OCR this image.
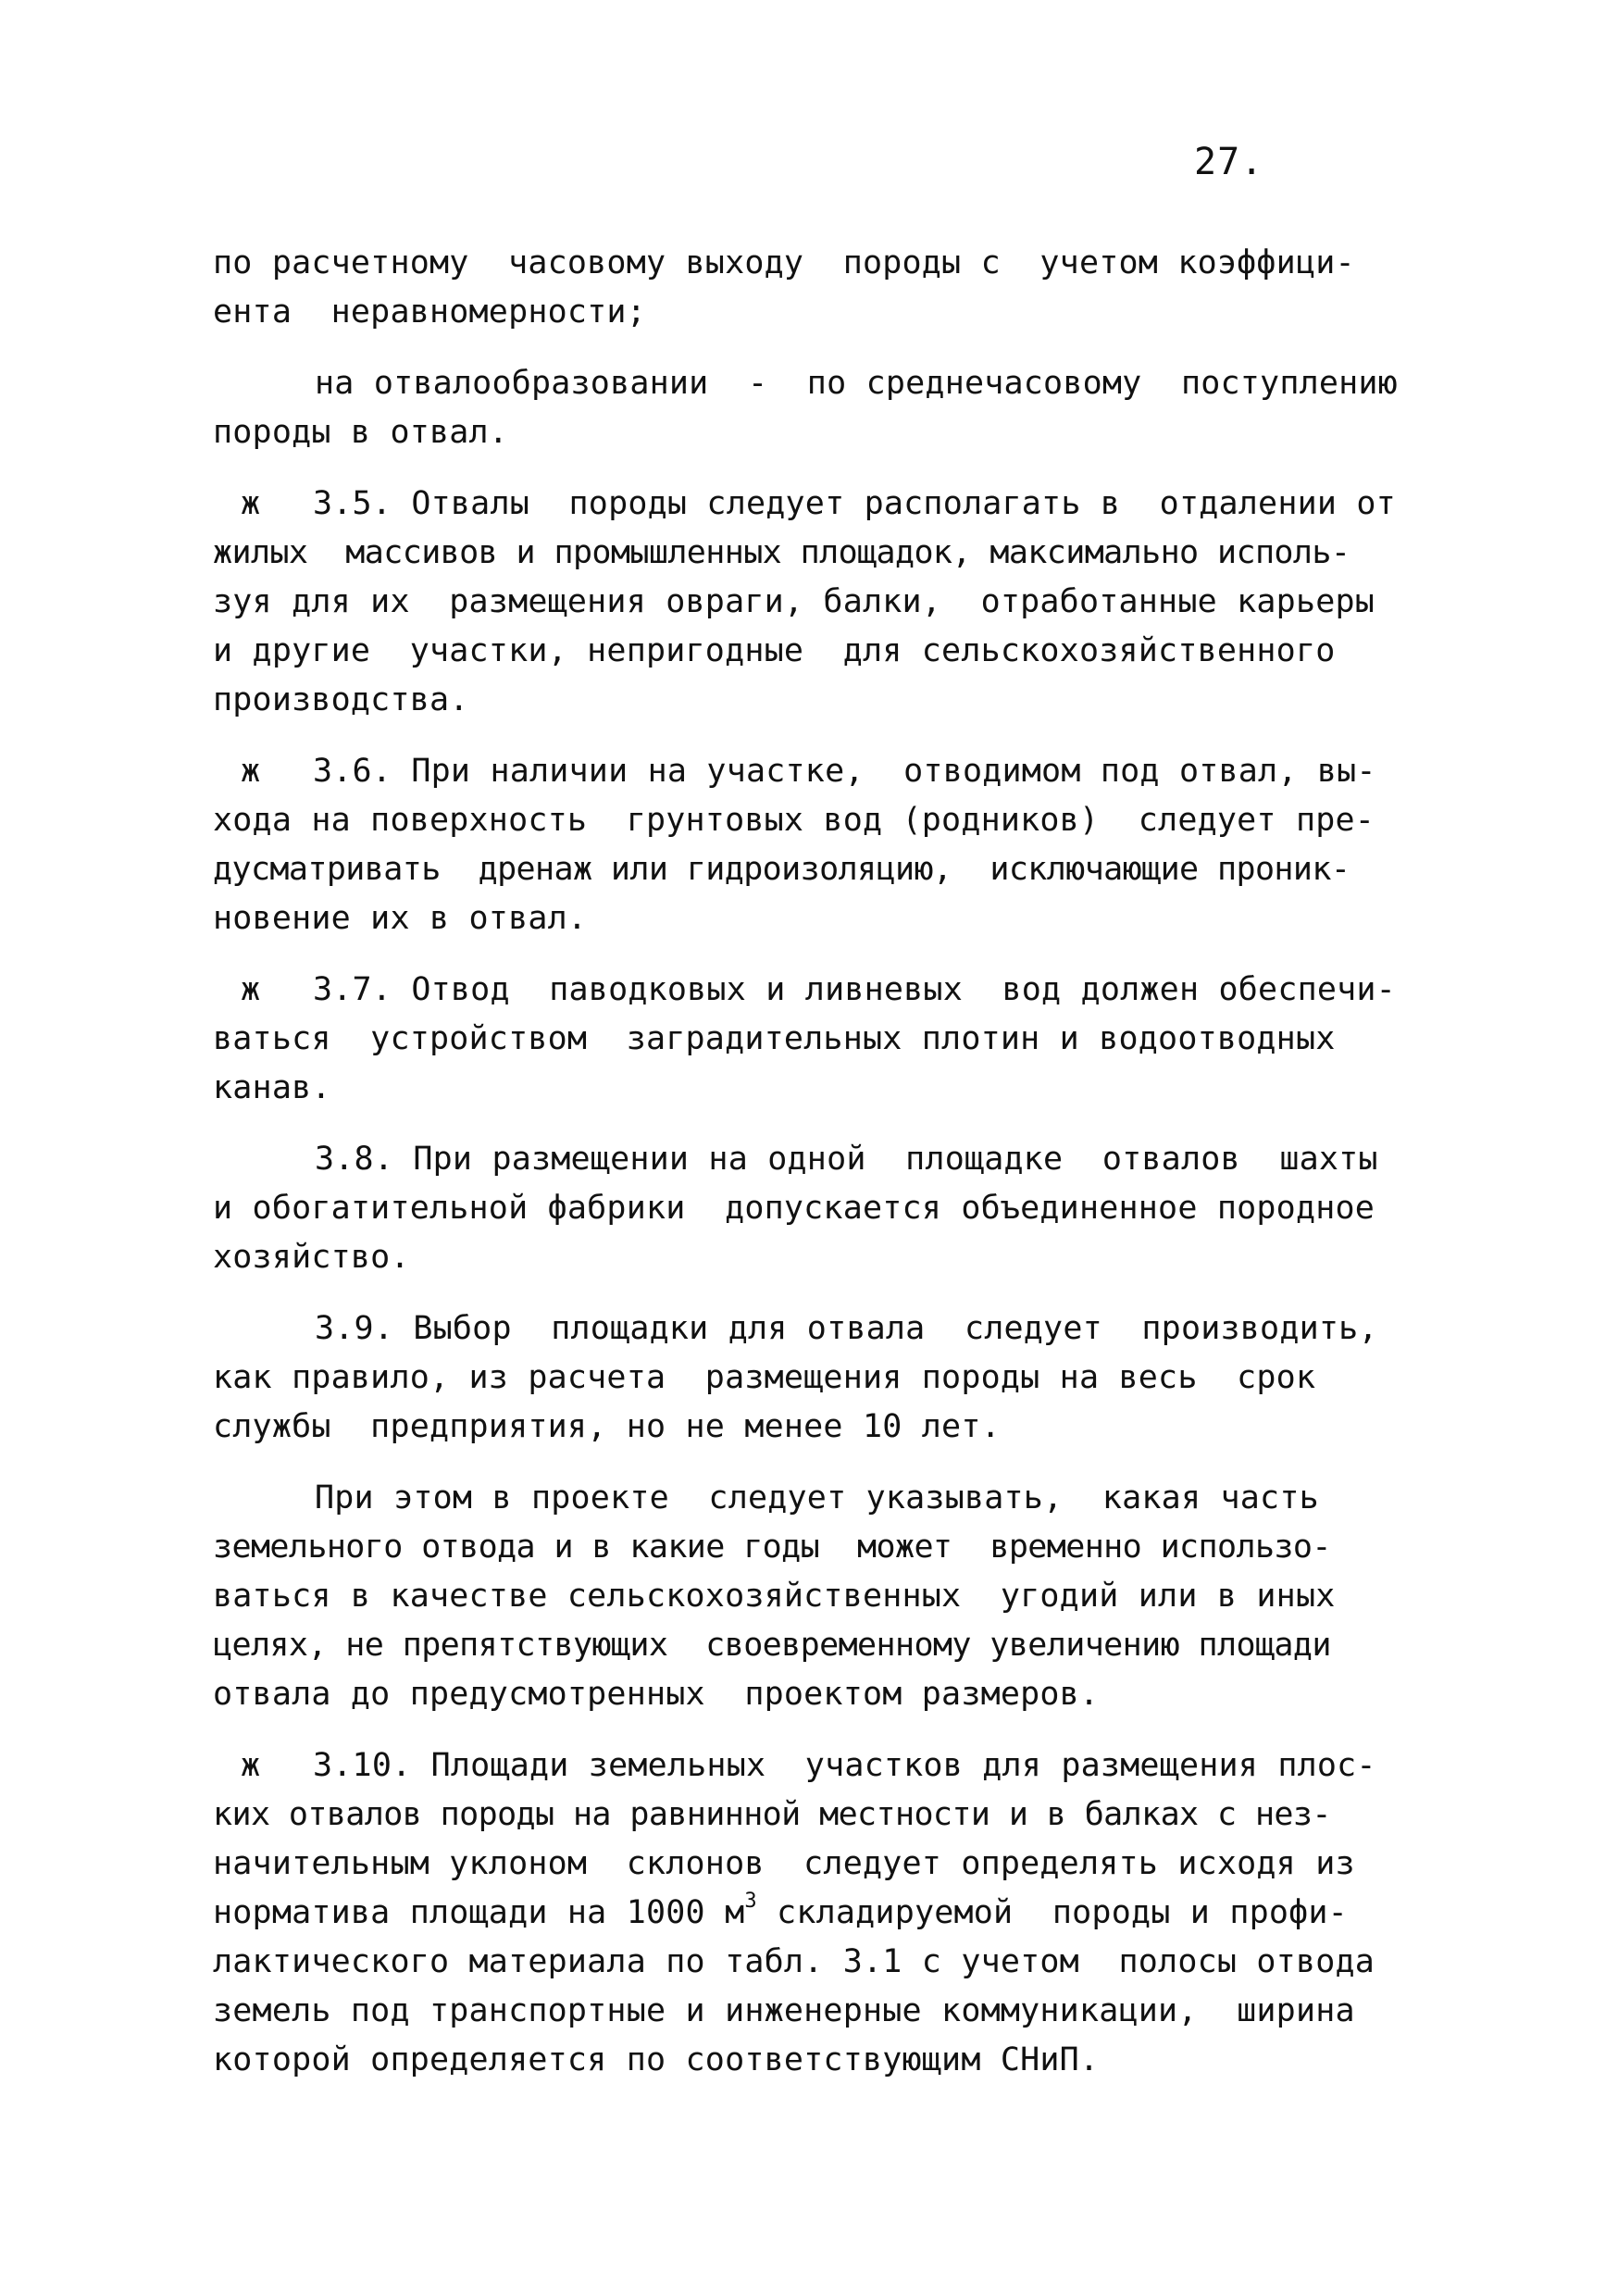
27.
по расчетному  часовому выходу  породы с  учетом коэффици-
ента  неравномерности;
на отвалообразовании  -  по среднечасовому  поступлению
породы в отвал.
ж 3.5. Отвалы  породы следует располагать в  отдалении от
жилых  массивов и промышленных площадок, максимально исполь-
зуя для их  размещения овраги, балки,  отработанные карьеры
и другие  участки, непригодные  для сельскохозяйственного
производства.
ж 3.6. При наличии на участке,  отводимом под отвал, вы-
хода на поверхность  грунтовых вод (родников)  следует пре-
дусматривать  дренаж или гидроизоляцию,  исключающие проник-
новение их в отвал.
ж 3.7. Отвод  паводковых и ливневых  вод должен обеспечи-
ваться  устройством  заградительных плотин и водоотводных
канав.
3.8. При размещении на одной  площадке  отвалов  шахты
и обогатительной фабрики  допускается объединенное породное
хозяйство.
3.9. Выбор  площадки для отвала  следует  производить,
как правило, из расчета  размещения породы на весь  срок
службы  предприятия, но не менее 10 лет.
При этом в проекте  следует указывать,  какая часть
земельного отвода и в какие годы  может  временно использо-
ваться в качестве сельскохозяйственных  угодий или в иных
целях, не препятствующих  своевременному увеличению площади
отвала до предусмотренных  проектом размеров.
ж 3.10. Площади земельных  участков для размещения плос-
ких отвалов породы на равнинной местности и в балках с нез-
начительным уклоном  склонов  следует определять исходя из
норматива площади на 1000 $м^3$ складируемой  породы и профи-
лактического материала по табл. 3.1 с учетом  полосы отвода
земель под транспортные и инженерные коммуникации,  ширина
которой определяется по соответствующим СНиП.
